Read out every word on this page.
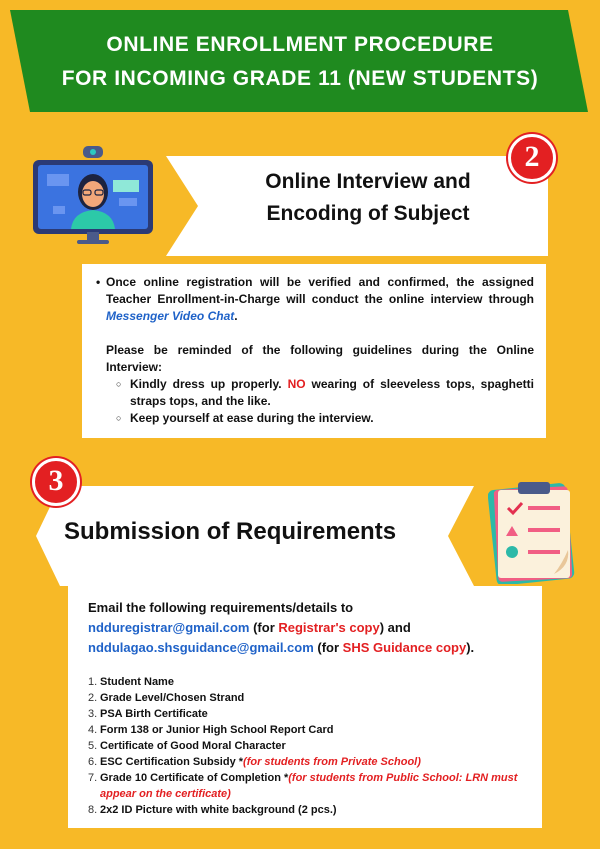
ONLINE ENROLLMENT PROCEDURE
FOR INCOMING GRADE 11 (NEW STUDENTS)
Online Interview and
Encoding of Subject
2
• Once online registration will be verified and confirmed, the assigned Teacher Enrollment-in-Charge will conduct the online interview through Messenger Video Chat.
Please be reminded of the following guidelines during the Online Interview:
○ Kindly dress up properly. NO wearing of sleeveless tops, spaghetti straps tops, and the like.
○ Keep yourself at ease during the interview.
3
Submission of Requirements
Email the following requirements/details to
ndduregistrar@gmail.com (for Registrar's copy) and
nddulagao.shsguidance@gmail.com (for SHS Guidance copy).
1. Student Name
2. Grade Level/Chosen Strand
3. PSA Birth Certificate
4. Form 138 or Junior High School Report Card
5. Certificate of Good Moral Character
6. ESC Certification Subsidy *(for students from Private School)
7. Grade 10 Certificate of Completion *(for students from Public School: LRN must appear on the certificate)
8. 2x2 ID Picture with white background (2 pcs.)
